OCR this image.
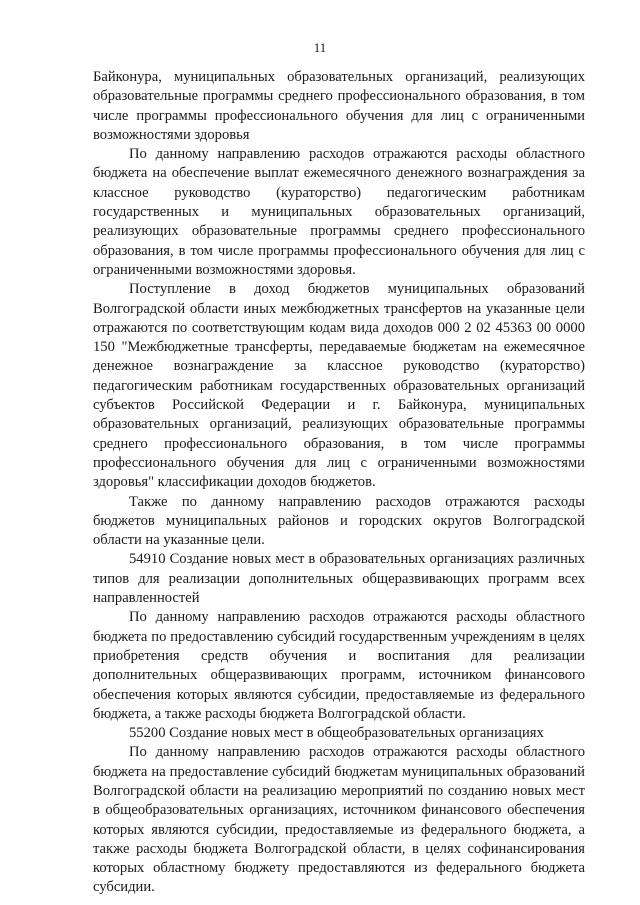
11

Байконура, муниципальных образовательных организаций, реализующих образовательные программы среднего профессионального образования, в том числе программы профессионального обучения для лиц с ограниченными возможностями здоровья

По данному направлению расходов отражаются расходы областного бюджета на обеспечение выплат ежемесячного денежного вознаграждения за классное руководство (кураторство) педагогическим работникам государственных и муниципальных образовательных организаций, реализующих образовательные программы среднего профессионального образования, в том числе программы профессионального обучения для лиц с ограниченными возможностями здоровья.

Поступление в доход бюджетов муниципальных образований Волгоградской области иных межбюджетных трансфертов на указанные цели отражаются по соответствующим кодам вида доходов 000 2 02 45363 00 0000 150 "Межбюджетные трансферты, передаваемые бюджетам на ежемесячное денежное вознаграждение за классное руководство (кураторство) педагогическим работникам государственных образовательных организаций субъектов Российской Федерации и г. Байконура, муниципальных образовательных организаций, реализующих образовательные программы среднего профессионального образования, в том числе программы профессионального обучения для лиц с ограниченными возможностями здоровья" классификации доходов бюджетов.

Также по данному направлению расходов отражаются расходы бюджетов муниципальных районов и городских округов Волгоградской области на указанные цели.

54910 Создание новых мест в образовательных организациях различных типов для реализации дополнительных общеразвивающих программ всех направленностей

По данному направлению расходов отражаются расходы областного бюджета по предоставлению субсидий государственным учреждениям в целях приобретения средств обучения и воспитания для реализации дополнительных общеразвивающих программ, источником финансового обеспечения которых являются субсидии, предоставляемые из федерального бюджета, а также расходы бюджета Волгоградской области.

55200 Создание новых мест в общеобразовательных организациях

По данному направлению расходов отражаются расходы областного бюджета на предоставление субсидий бюджетам муниципальных образований Волгоградской области на реализацию мероприятий по созданию новых мест в общеобразовательных организациях, источником финансового обеспечения которых являются субсидии, предоставляемые из федерального бюджета, а также расходы бюджета Волгоградской области, в целях софинансирования которых областному бюджету предоставляются из федерального бюджета субсидии.
